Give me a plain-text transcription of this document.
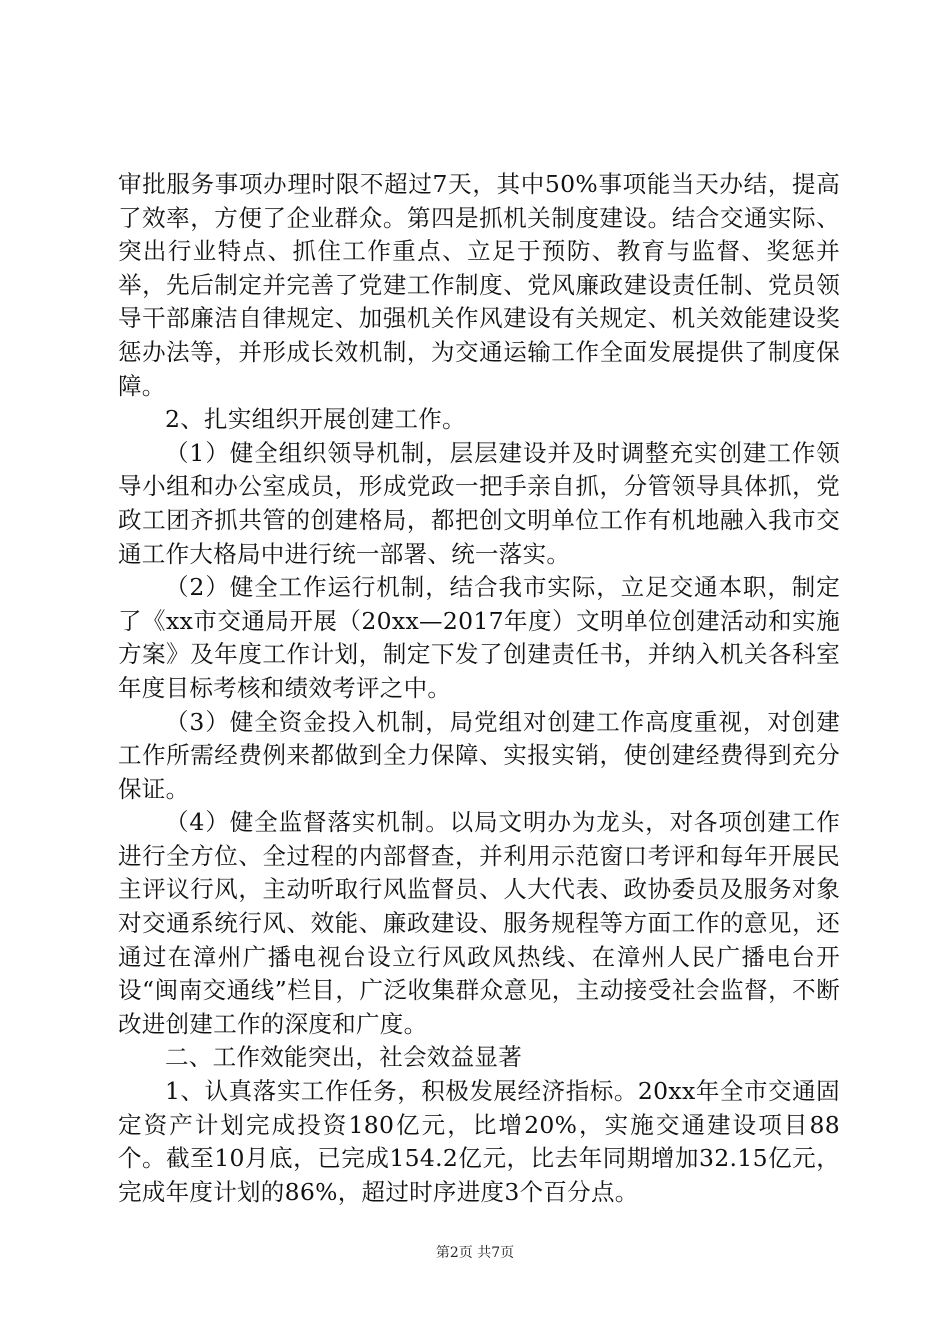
审批服务事项办理时限不超过7天，其中50%事项能当天办结，提高了效率，方便了企业群众。第四是抓机关制度建设。结合交通实际、突出行业特点、抓住工作重点、立足于预防、教育与监督、奖惩并举，先后制定并完善了党建工作制度、党风廉政建设责任制、党员领导干部廉洁自律规定、加强机关作风建设有关规定、机关效能建设奖惩办法等，并形成长效机制，为交通运输工作全面发展提供了制度保障。

2、扎实组织开展创建工作。

（1）健全组织领导机制，层层建设并及时调整充实创建工作领导小组和办公室成员，形成党政一把手亲自抓，分管领导具体抓，党政工团齐抓共管的创建格局，都把创文明单位工作有机地融入我市交通工作大格局中进行统一部署、统一落实。

（2）健全工作运行机制，结合我市实际，立足交通本职，制定了《xx市交通局开展（20xx—2017年度）文明单位创建活动和实施方案》及年度工作计划，制定下发了创建责任书，并纳入机关各科室年度目标考核和绩效考评之中。

（3）健全资金投入机制，局党组对创建工作高度重视，对创建工作所需经费例来都做到全力保障、实报实销，使创建经费得到充分保证。

（4）健全监督落实机制。以局文明办为龙头，对各项创建工作进行全方位、全过程的内部督查，并利用示范窗口考评和每年开展民主评议行风，主动听取行风监督员、人大代表、政协委员及服务对象对交通系统行风、效能、廉政建设、服务规程等方面工作的意见，还通过在漳州广播电视台设立行风政风热线、在漳州人民广播电台开设“闽南交通线”栏目，广泛收集群众意见，主动接受社会监督，不断改进创建工作的深度和广度。

二、工作效能突出，社会效益显著

1、认真落实工作任务，积极发展经济指标。20xx年全市交通固定资产计划完成投资180亿元，比增20%，实施交通建设项目88个。截至10月底，已完成154.2亿元，比去年同期增加32.15亿元，完成年度计划的86%，超过时序进度3个百分点。

第2页 共7页
